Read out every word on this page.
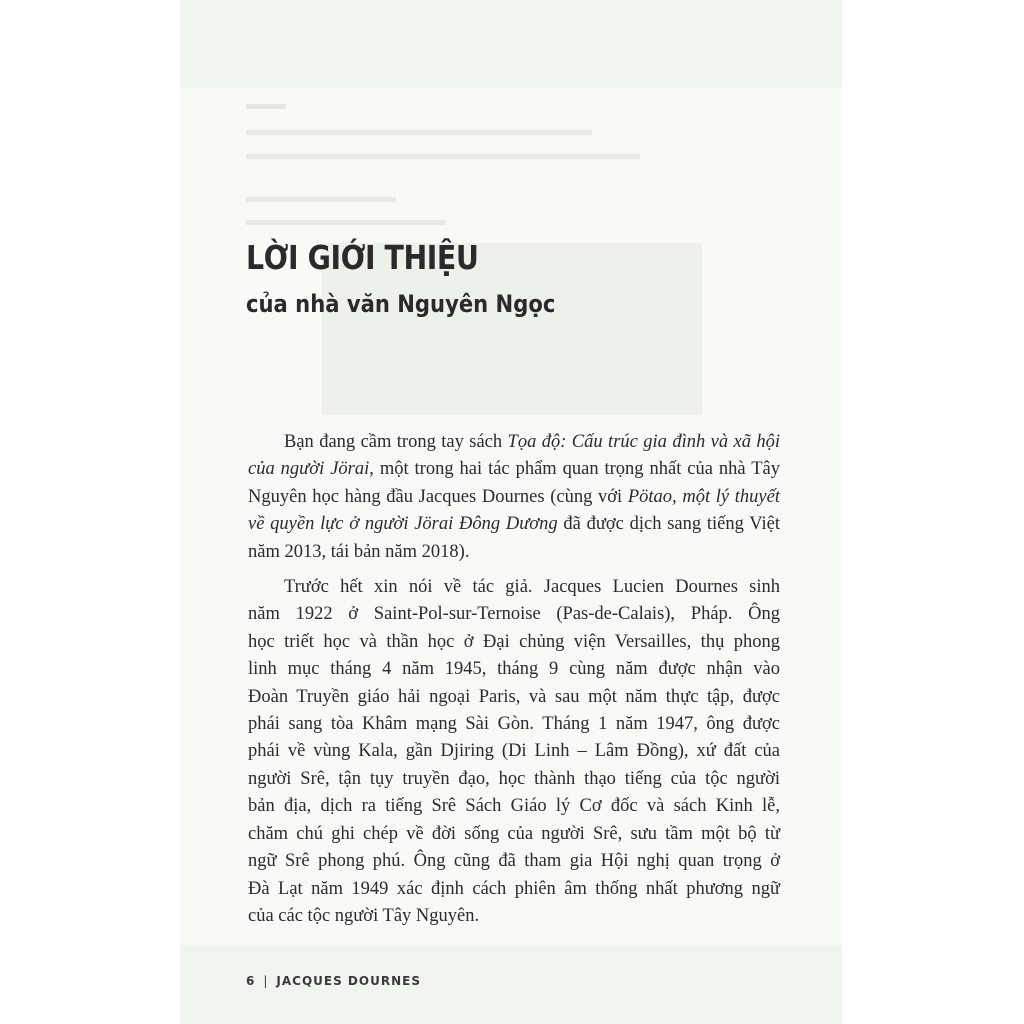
LỜI GIỚI THIỆU
của nhà văn Nguyên Ngọc
Bạn đang cầm trong tay sách Tọa độ: Cấu trúc gia đình và xã hội
của người Jörai, một trong hai tác phẩm quan trọng nhất của nhà Tây
Nguyên học hàng đầu Jacques Dournes (cùng với Pötao, một lý thuyết
về quyền lực ở người Jörai Đông Dương đã được dịch sang tiếng Việt
năm 2013, tái bản năm 2018).
Trước hết xin nói về tác giả. Jacques Lucien Dournes sinh
năm 1922 ở Saint-Pol-sur-Ternoise (Pas-de-Calais), Pháp. Ông
học triết học và thần học ở Đại chủng viện Versailles, thụ phong
linh mục tháng 4 năm 1945, tháng 9 cùng năm được nhận vào
Đoàn Truyền giáo hải ngoại Paris, và sau một năm thực tập, được
phái sang tòa Khâm mạng Sài Gòn. Tháng 1 năm 1947, ông được
phái về vùng Kala, gần Djiring (Di Linh – Lâm Đồng), xứ đất của
người Srê, tận tụy truyền đạo, học thành thạo tiếng của tộc người
bản địa, dịch ra tiếng Srê Sách Giáo lý Cơ đốc và sách Kinh lễ,
chăm chú ghi chép về đời sống của người Srê, sưu tầm một bộ từ
ngữ Srê phong phú. Ông cũng đã tham gia Hội nghị quan trọng ở
Đà Lạt năm 1949 xác định cách phiên âm thống nhất phương ngữ
của các tộc người Tây Nguyên.
6 | JACQUES DOURNES
